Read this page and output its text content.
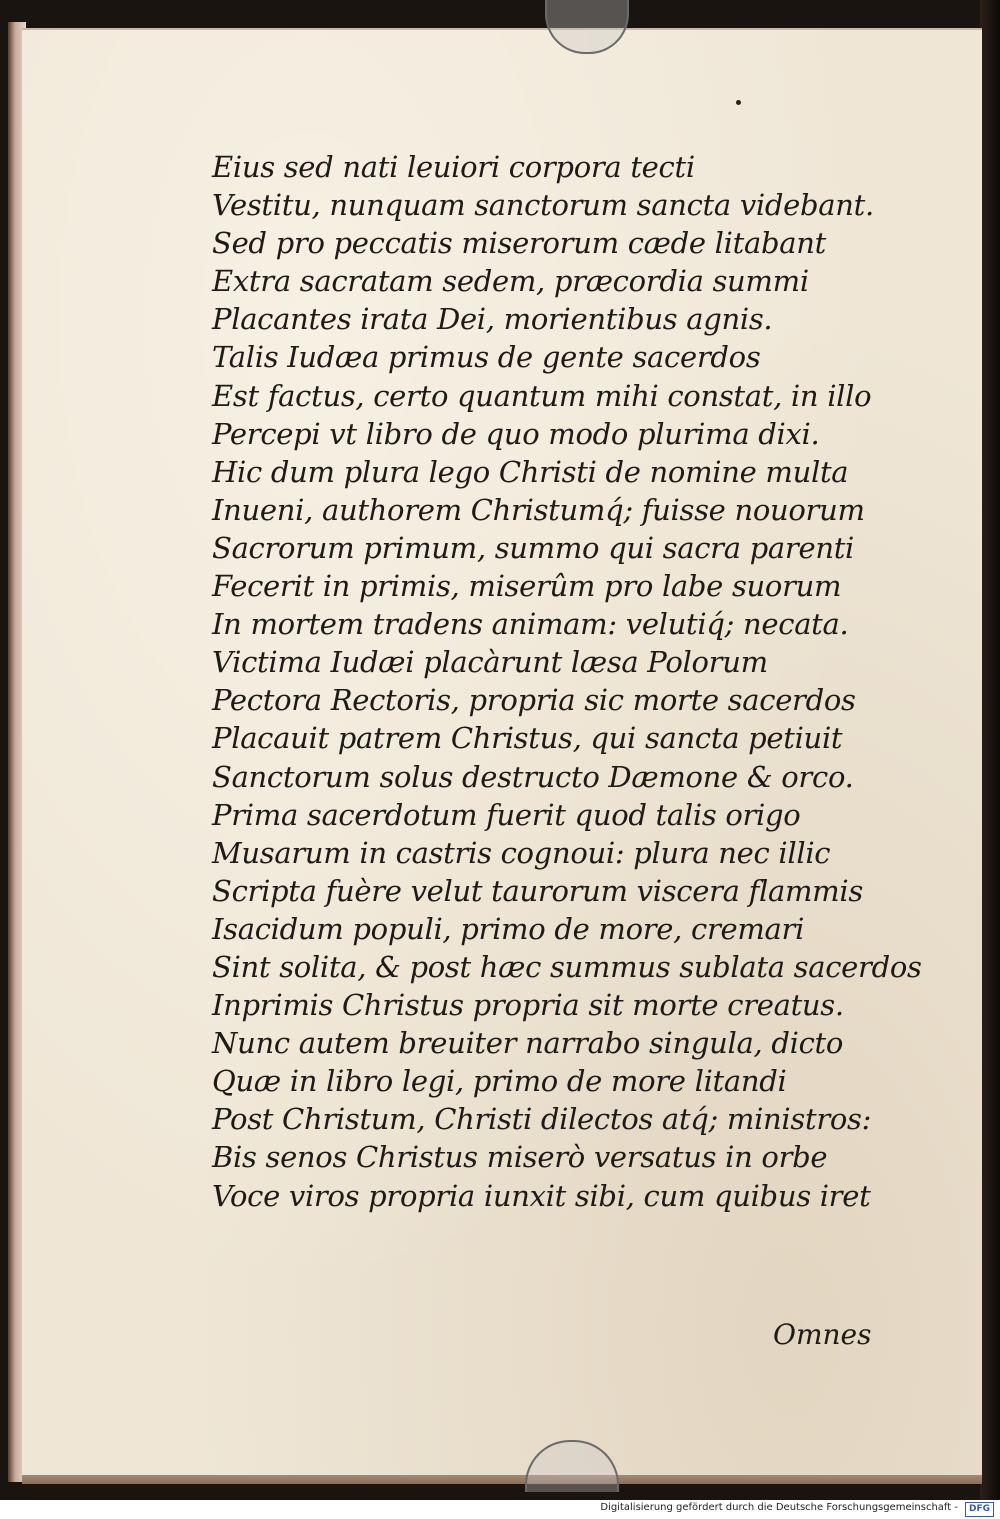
Eius sed nati leuiori corpora tecti
Vestitu, nunquam sanctorum sancta videbant.
Sed pro peccatis miserorum cæde litabant
Extra sacratam sedem, præcordia summi
Placantes irata Dei, morientibus agnis.
Talis Iudæa primus de gente sacerdos
Est factus, certo quantum mihi constat, in illo
Percepi vt libro de quo modo plurima dixi.
Hic dum plura lego Christi de nomine multa
Inueni, authorem Christumq́; fuisse nouorum
Sacrorum primum, summo qui sacra parenti
Fecerit in primis, miserûm pro labe suorum
In mortem tradens animam: velutiq́; necata.
Victima Iudæi placàrunt læsa Polorum
Pectora Rectoris, propria sic morte sacerdos
Placauit patrem Christus, qui sancta petiuit
Sanctorum solus destructo Dæmone & orco.
Prima sacerdotum fuerit quod talis origo
Musarum in castris cognoui: plura nec illic
Scripta fuère velut taurorum viscera flammis
Isacidum populi, primo de more, cremari
Sint solita, & post hæc summus sublata sacerdos
Inprimis Christus propria sit morte creatus.
Nunc autem breuiter narrabo singula, dicto
Quæ in libro legi, primo de more litandi
Post Christum, Christi dilectos atq́; ministros:
Bis senos Christus miserò versatus in orbe
Voce viros propria iunxit sibi, cum quibus iret
Omnes
Digitalisierung gefördert durch die Deutsche Forschungsgemeinschaft -	DFG
